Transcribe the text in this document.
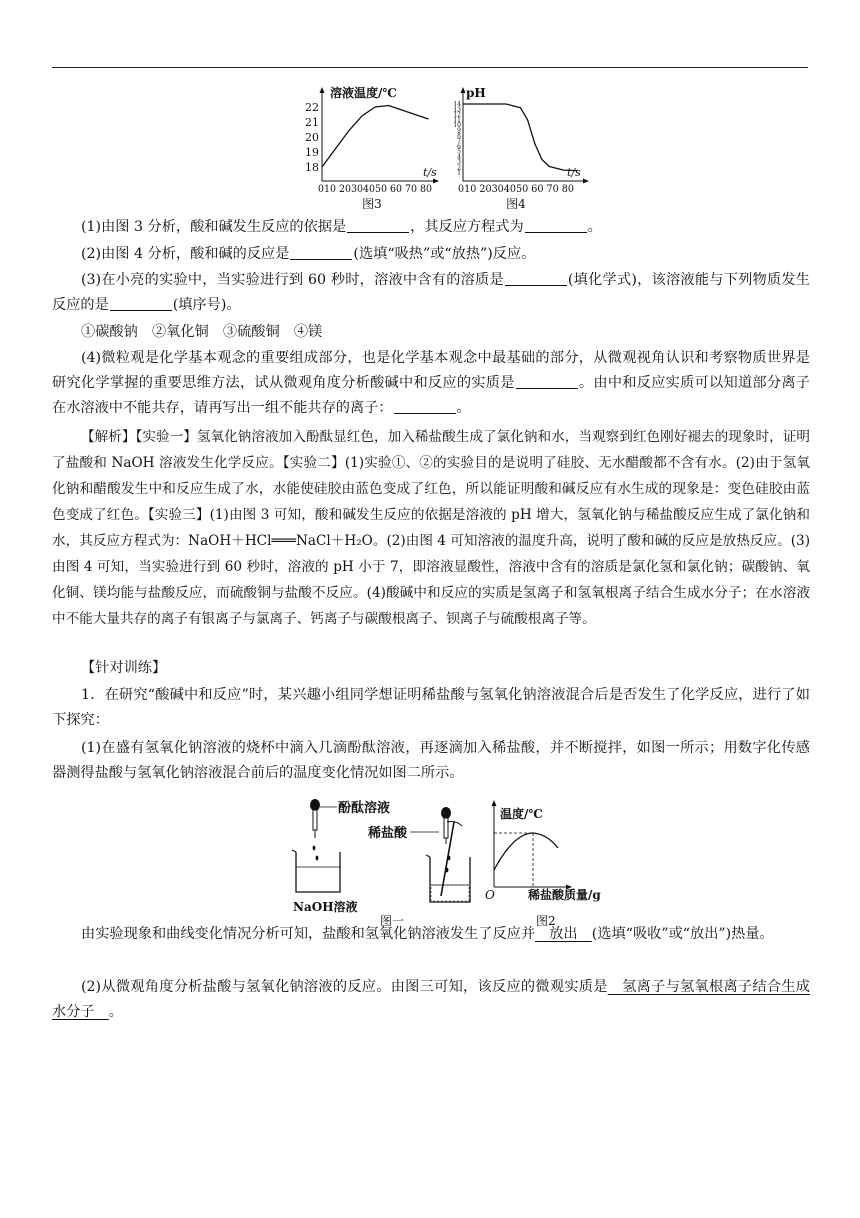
溶液温度/℃
22
21
20
19
18	t/s
010 20304050 60 70 80
图3
pH
14
13
12
11
10
9
8
7
6
5
4
3
2
1	t/s
010 20304050 60 70 80
图4

(1)由图 3 分析，酸和碱发生反应的依据是	，其反应方程式为	。

(2)由图 4 分析，酸和碱的反应是	(选填“吸热”或“放热”)反应。

(3)在小亮的实验中，当实验进行到 60 秒时，溶液中含有的溶质是	(填化学式)，该溶液能与下列物质发生反应的是	(填序号)。

①碳酸钠　②氧化铜　③硫酸铜　④镁

(4)微粒观是化学基本观念的重要组成部分，也是化学基本观念中最基础的部分，从微观视角认识和考察物质世界是研究化学掌握的重要思维方法，试从微观角度分析酸碱中和反应的实质是	。由中和反应实质可以知道部分离子在水溶液中不能共存，请再写出一组不能共存的离子：	。

【解析】【实验一】氢氧化钠溶液加入酚酞显红色，加入稀盐酸生成了氯化钠和水，当观察到红色刚好褪去的现象时，证明了盐酸和 NaOH 溶液发生化学反应。【实验二】(1)实验①、②的实验目的是说明了硅胶、无水醋酸都不含有水。(2)由于氢氧化钠和醋酸发生中和反应生成了水，水能使硅胶由蓝色变成了红色，所以能证明酸和碱反应有水生成的现象是：变色硅胶由蓝色变成了红色。【实验三】(1)由图 3 可知，酸和碱发生反应的依据是溶液的 pH 增大，氢氧化钠与稀盐酸反应生成了氯化钠和水，其反应方程式为：NaOH＋HCl═══NaCl＋H₂O。(2)由图 4 可知溶液的温度升高，说明了酸和碱的反应是放热反应。(3)由图 4 可知，当实验进行到 60 秒时，溶液的 pH 小于 7，即溶液显酸性，溶液中含有的溶质是氯化氢和氯化钠；碳酸钠、氧化铜、镁均能与盐酸反应，而硫酸铜与盐酸不反应。(4)酸碱中和反应的实质是氢离子和氢氧根离子结合生成水分子；在水溶液中不能大量共存的离子有银离子与氯离子、钙离子与碳酸根离子、钡离子与硫酸根离子等。

【针对训练】

1．在研究“酸碱中和反应”时，某兴趣小组同学想证明稀盐酸与氢氧化钠溶液混合后是否发生了化学反应，进行了如下探究：

(1)在盛有氢氧化钠溶液的烧杯中滴入几滴酚酞溶液，再逐滴加入稀盐酸，并不断搅拌，如图一所示；用数字化传感器测得盐酸与氢氧化钠溶液混合前后的温度变化情况如图二所示。

酚酞溶液
NaOH溶液
稀盐酸
图一
温度/℃
O	稀盐酸质量/g
图2

由实验现象和曲线变化情况分析可知，盐酸和氢氧化钠溶液发生了反应并　放出　(选填“吸收”或“放出”)热量。

(2)从微观角度分析盐酸与氢氧化钠溶液的反应。由图三可知，该反应的微观实质是　氢离子与氢氧根离子结合生成水分子　。
